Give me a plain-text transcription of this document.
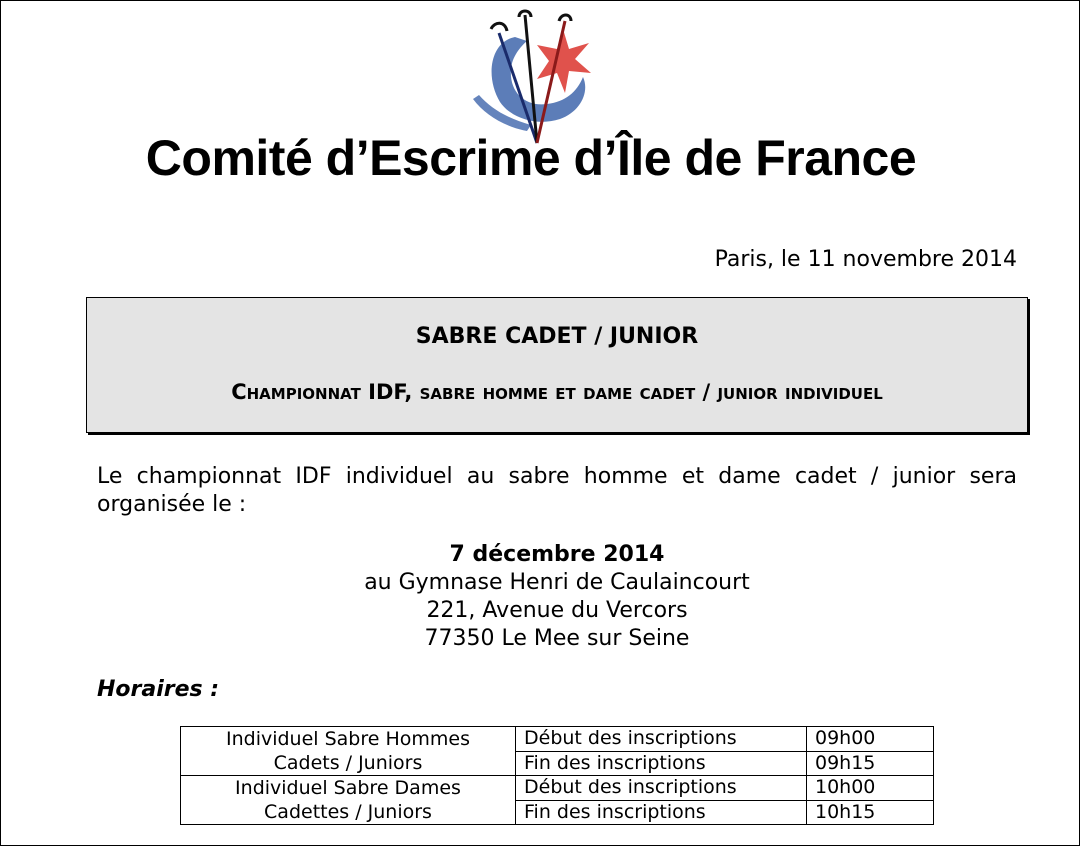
Comité d’Escrime d’Île de France
Paris, le 11 novembre 2014
SABRE CADET / JUNIOR
Championnat IDF, sabre homme et dame cadet / junior individuel
Le championnat IDF individuel au sabre homme et dame cadet / junior sera organisée le :
7 décembre 2014
au Gymnase Henri de Caulaincourt
221, Avenue du Vercors
77350 Le Mee sur Seine
Horaires :
Individuel Sabre Hommes
Cadets / Juniors	Début des inscriptions	09h00
	Fin des inscriptions	09h15

Individuel Sabre Dames
Cadettes / Juniors	Début des inscriptions	10h00
	Fin des inscriptions	10h15
